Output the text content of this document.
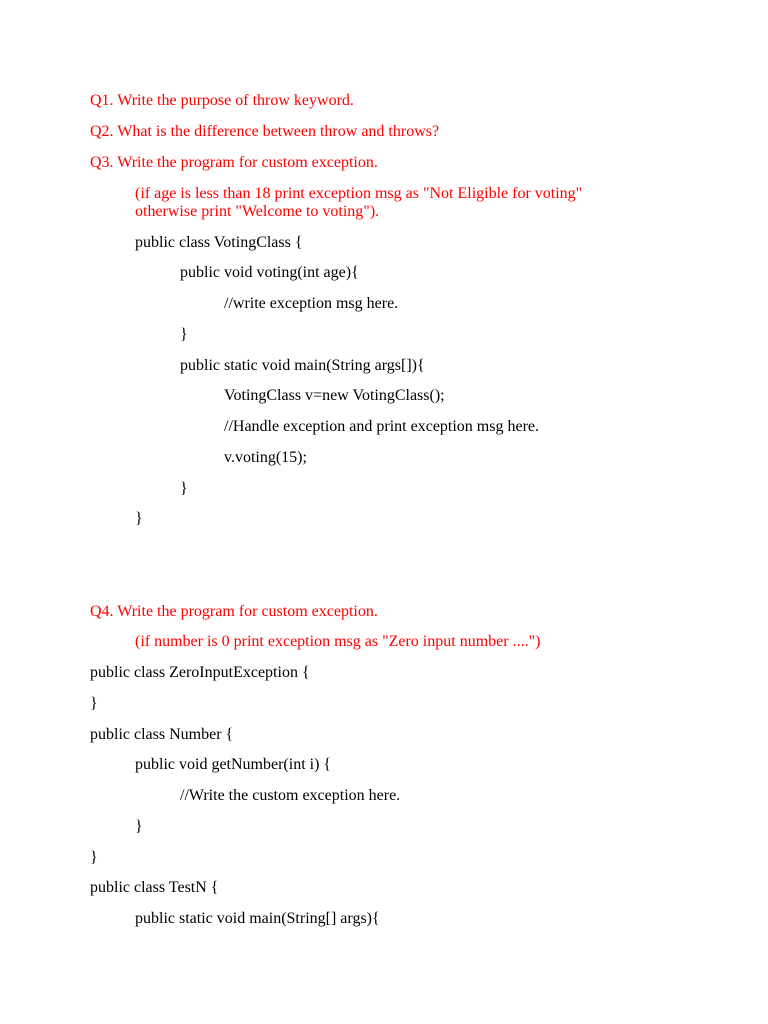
Q1. Write the purpose of throw keyword.
Q2. What is the difference between throw and throws?
Q3. Write the program for custom exception.
(if age is less than 18 print exception msg as "Not Eligible for voting"
otherwise print "Welcome to voting").
public class VotingClass {
public void voting(int age){
//write exception msg here.
}
public static void main(String args[]){
VotingClass v=new VotingClass();
//Handle exception and print exception msg here.
v.voting(15);
}
}
Q4. Write the program for custom exception.
(if number is 0 print exception msg as "Zero input number ....")
public class ZeroInputException {
}
public class Number {
public void getNumber(int i) {
//Write the custom exception here.
}
}
public class TestN {
public static void main(String[] args){
